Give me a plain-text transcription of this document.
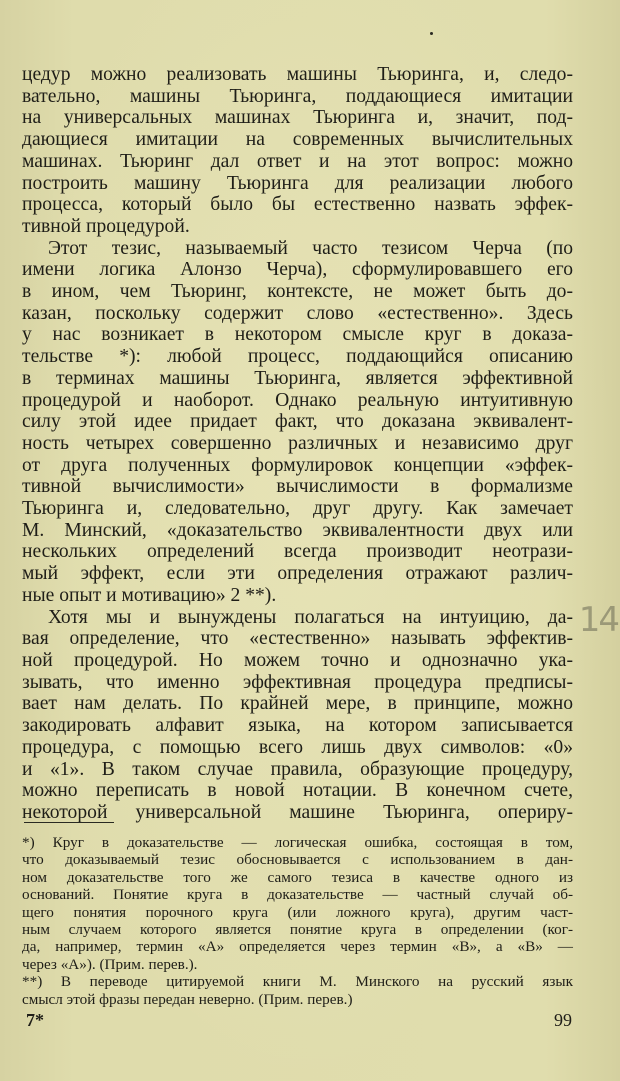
цедур можно реализовать машины Тьюринга, и, следо-
вательно, машины Тьюринга, поддающиеся имитации
на универсальных машинах Тьюринга и, значит, под-
дающиеся имитации на современных вычислительных
машинах. Тьюринг дал ответ и на этот вопрос: можно
построить машину Тьюринга для реализации любого
процесса, который было бы естественно назвать эффек-
тивной процедурой.

Этот тезис, называемый часто тезисом Черча (по
имени логика Алонзо Черча), сформулировавшего его
в ином, чем Тьюринг, контексте, не может быть до-
казан, поскольку содержит слово «естественно». Здесь
у нас возникает в некотором смысле круг в доказа-
тельстве *): любой процесс, поддающийся описанию
в терминах машины Тьюринга, является эффективной
процедурой и наоборот. Однако реальную интуитивную
силу этой идее придает факт, что доказана эквивалент-
ность четырех совершенно различных и независимо друг
от друга полученных формулировок концепции «эффек-
тивной вычислимости» вычислимости в формализме
Тьюринга и, следовательно, друг другу. Как замечает
М. Минский, «доказательство эквивалентности двух или
нескольких определений всегда производит неотрази-
мый эффект, если эти определения отражают различ-
ные опыт и мотивацию» 2 **).

Хотя мы и вынуждены полагаться на интуицию, да-
вая определение, что «естественно» называть эффектив-
ной процедурой. Но можем точно и однозначно ука-
зывать, что именно эффективная процедура предписы-
вает нам делать. По крайней мере, в принципе, можно
закодировать алфавит языка, на котором записывается
процедура, с помощью всего лишь двух символов: «0»
и «1». В таком случае правила, образующие процедуру,
можно переписать в новой нотации. В конечном счете,
некоторой универсальной машине Тьюринга, опериру-

14
*) Круг в доказательстве — логическая ошибка, состоящая в том,
что доказываемый тезис обосновывается с использованием в дан-
ном доказательстве того же самого тезиса в качестве одного из
оснований. Понятие круга в доказательстве — частный случай об-
щего понятия порочного круга (или ложного круга), другим част-
ным случаем которого является понятие круга в определении (ког-
да, например, термин «А» определяется через термин «В», а «В» —
через «А»). (Прим. перев.).
**) В переводе цитируемой книги М. Минского на русский язык
смысл этой фразы передан неверно. (Прим. перев.)
7*	99
